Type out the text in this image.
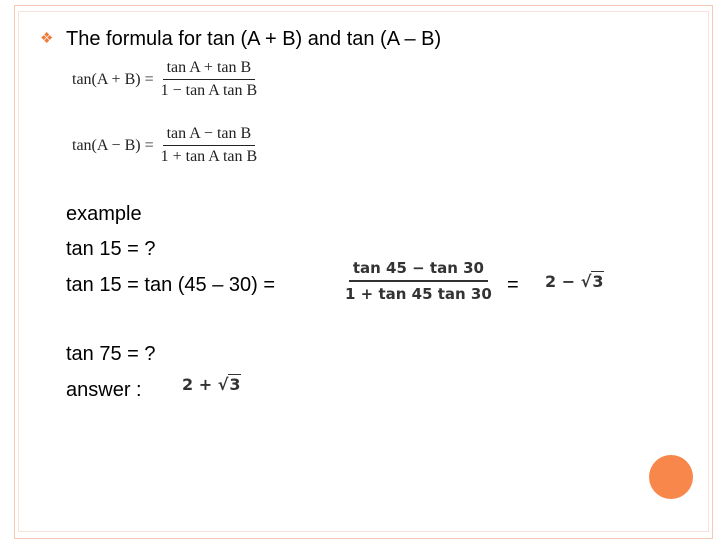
❖ The formula for tan (A + B) and tan (A – B)
$\tan(A + B) = \frac{\text{tan A + tan B}}{\text{1 − tan A tan B}}$
$\tan(A - B) = \frac{\text{tan A − tan B}}{\text{1 + tan A tan B}}$
example
tan 15 = ?
tan 15 = tan (45 – 30) =	$\frac{\tan 45 - \tan 30}{1 + \tan 45 \tan 30} = 2 - √3$
tan 75 = ?
answer :	2 + √3
